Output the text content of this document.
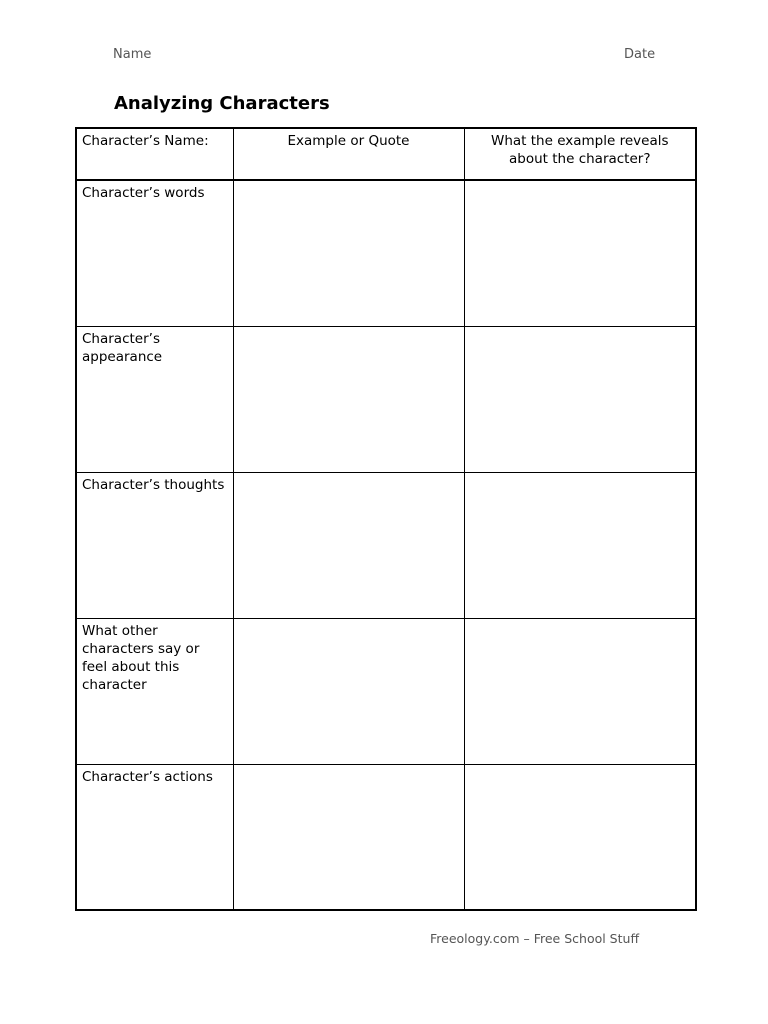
Name	Date
Analyzing Characters
Character’s Name:	Example or Quote	What the example reveals about the character?
Character’s words		
Character’s appearance		
Character’s thoughts		
What other characters say or feel about this character		
Character’s actions		
Freeology.com – Free School Stuff
